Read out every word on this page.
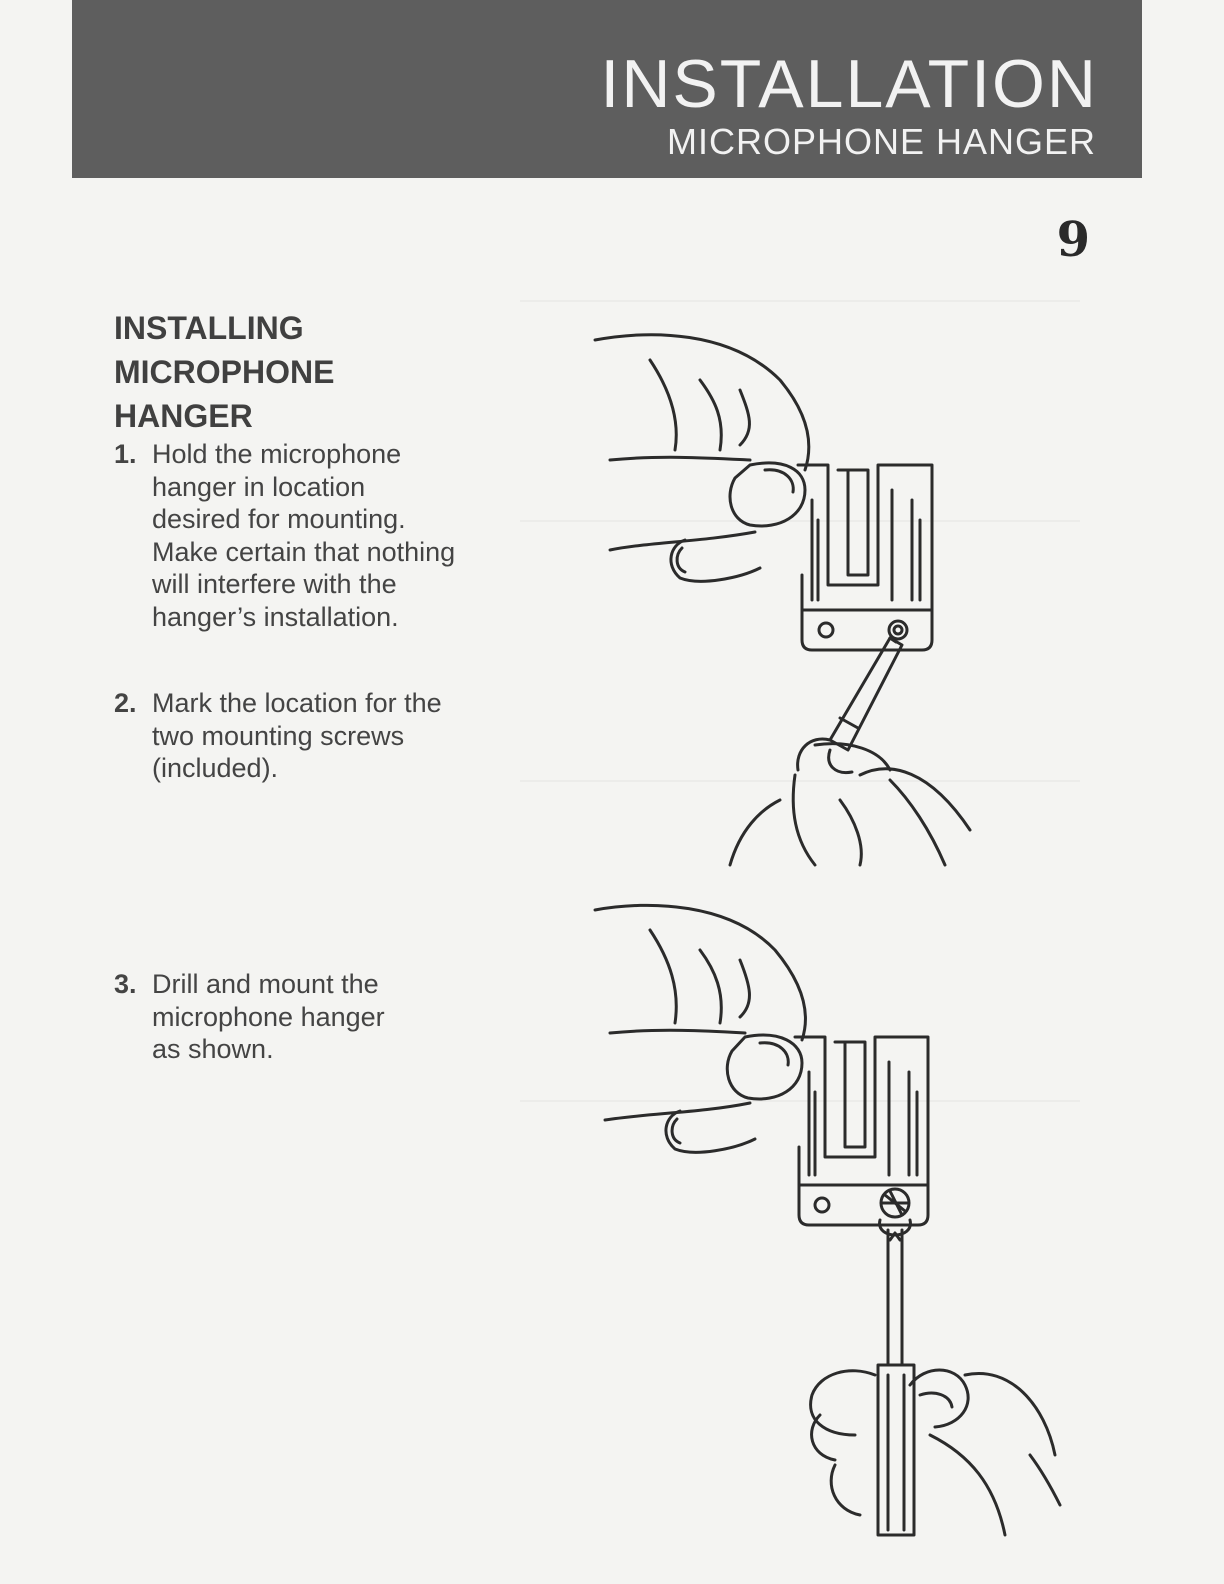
INSTALLATION
MICROPHONE HANGER
9
INSTALLING MICROPHONE HANGER
1. Hold the microphone
hanger in location
desired for mounting.
Make certain that nothing
will interfere with the
hanger’s installation.
2. Mark the location for the
two mounting screws
(included).
3. Drill and mount the
microphone hanger
as shown.
